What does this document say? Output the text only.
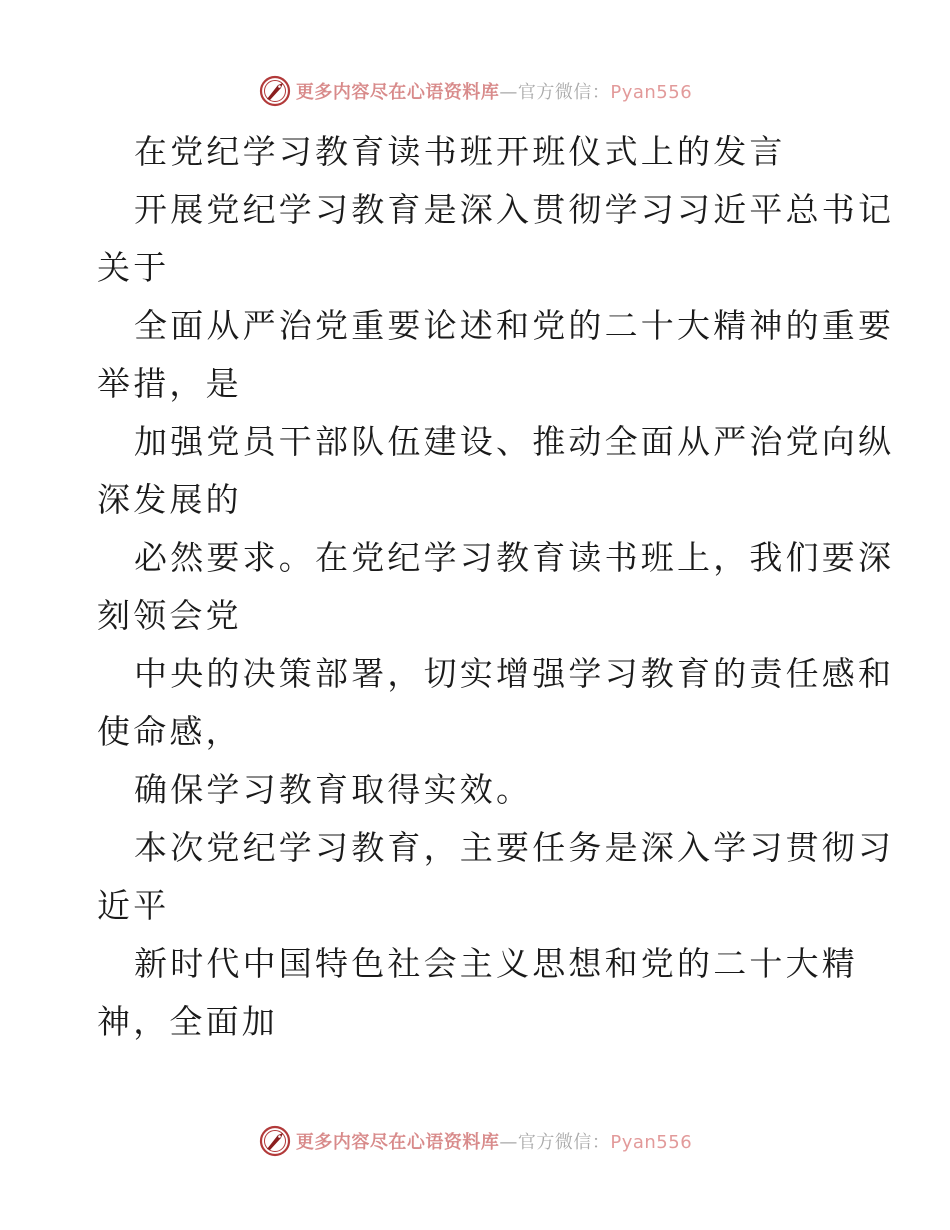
更多内容尽在心语资料库—官方微信：Pyan556
在党纪学习教育读书班开班仪式上的发言
开展党纪学习教育是深入贯彻学习习近平总书记
关于
全面从严治党重要论述和党的二十大精神的重要
举措，是
加强党员干部队伍建设、推动全面从严治党向纵
深发展的
必然要求。在党纪学习教育读书班上，我们要深
刻领会党
中央的决策部署，切实增强学习教育的责任感和
使命感，
确保学习教育取得实效。
本次党纪学习教育，主要任务是深入学习贯彻习
近平
新时代中国特色社会主义思想和党的二十大精
神，全面加
更多内容尽在心语资料库—官方微信：Pyan556
